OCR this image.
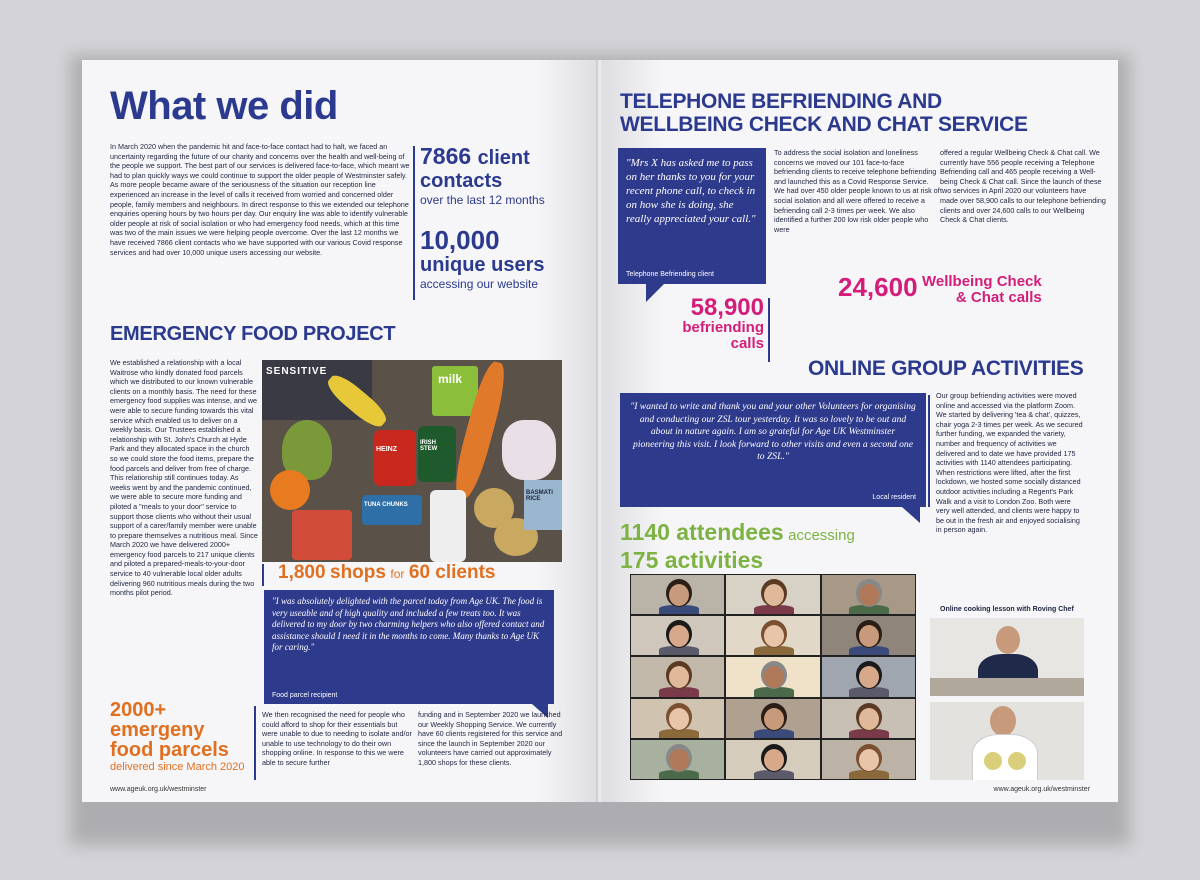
What we did
In March 2020 when the pandemic hit and face-to-face contact had to halt, we faced an uncertainty regarding the future of our charity and concerns over the health and well-being of the people we support. The best part of our services is delivered face-to-face, which meant we had to plan quickly ways we could continue to support the older people of Westminster safely. As more people became aware of the seriousness of the situation our reception line experienced an increase in the level of calls it received from worried and concerned older people, family members and neighbours. In direct response to this we extended our telephone enquiries opening hours by two hours per day. Our enquiry line was able to identify vulnerable older people at risk of social isolation or who had emergency food needs, which at this time was two of the main issues we were helping people overcome. Over the last 12 months we have received 7866 client contacts who we have supported with our various Covid response services and had over 10,000 unique users accessing our website.
7866 client
contacts
over the last 12 months
10,000
unique users
accessing our website
EMERGENCY FOOD PROJECT
We established a relationship with a local Waitrose who kindly donated food parcels which we distributed to our known vulnerable clients on a monthly basis. The need for these emergency food supplies was intense, and we were able to secure funding towards this vital service which enabled us to deliver on a weekly basis. Our Trustees established a relationship with St. John's Church at Hyde Park and they allocated space in the church so we could store the food items, prepare the food parcels and deliver from free of charge. This relationship still continues today. As weeks went by and the pandemic continued, we were able to secure more funding and piloted a "meals to your door" service to support those clients who without their usual support of a carer/family member were unable to prepare themselves a nutritious meal. Since March 2020 we have delivered 2000+ emergency food parcels to 217 unique clients and piloted a prepared-meals-to-your-door service to 40 vulnerable local older adults delivering 960 nutritious meals during the two months pilot period.
SENSITIVE
milk
HEINZ
IRISH STEW
TUNA CHUNKS
BASMATI RICE
1,800 shops for 60 clients
"I was absolutely delighted with the parcel today from Age UK. The food is very useable and of high quality and included a few treats too. It was delivered to my door by two charming helpers who also offered contact and assistance should I need it in the months to come. Many thanks to Age UK for caring."
Food parcel recipient
2000+
emergeny
food parcels
delivered since March 2020
We then recognised the need for people who could afford to shop for their essentials but were unable to due to needing to isolate and/or unable to use technology to do their own shopping online. In response to this we were able to secure further
funding and in September 2020 we launched our Weekly Shopping Service. We currently have 60 clients registered for this service and since the launch in September 2020 our volunteers have carried out approximately 1,800 shops for these clients.
www.ageuk.org.uk/westminster
TELEPHONE BEFRIENDING AND
WELLBEING CHECK AND CHAT SERVICE
"Mrs X has asked me to pass on her thanks to you for your recent phone call, to check in on how she is doing, she really appreciated your call."
Telephone Befriending client
To address the social isolation and loneliness concerns we moved our 101 face-to-face befriending clients to receive telephone befriending and launched this as a Covid Response Service. We had over 450 older people known to us at risk of social isolation and all were offered to receive a befriending call 2-3 times per week. We also identified a further 200 low risk older people who were
offered a regular Wellbeing Check & Chat call. We currently have 556 people receiving a Telephone Befriending call and 465 people receiving a Well-being Check & Chat call. Since the launch of these two services in April 2020 our volunteers have made over 58,900 calls to our telephone befriending clients and over 24,600 calls to our Wellbeing Check & Chat clients.
58,900
befriending
calls
24,600 Wellbeing Check
& Chat calls
ONLINE GROUP ACTIVITIES
"I wanted to write and thank you and your other Volunteers for organising and conducting our ZSL tour yesterday. It was so lovely to be out and about in nature again. I am so grateful for Age UK Westminster pioneering this visit. I look forward to other visits and even a second one to ZSL."
Local resident
Our group befriending activities were moved online and accessed via the platform Zoom. We started by delivering 'tea & chat', quizzes, chair yoga 2-3 times per week. As we secured further funding, we expanded the variety, number and frequency of activities we delivered and to date we have provided 175 activities with 1140 attendees participating. When restrictions were lifted, after the first lockdown, we hosted some socially distanced outdoor activities including a Regent's Park Walk and a visit to London Zoo. Both were very well attended, and clients were happy to be out in the fresh air and enjoyed socialising in person again.
1140 attendees accessing
175 activities
Online cooking lesson with Roving Chef
www.ageuk.org.uk/westminster
